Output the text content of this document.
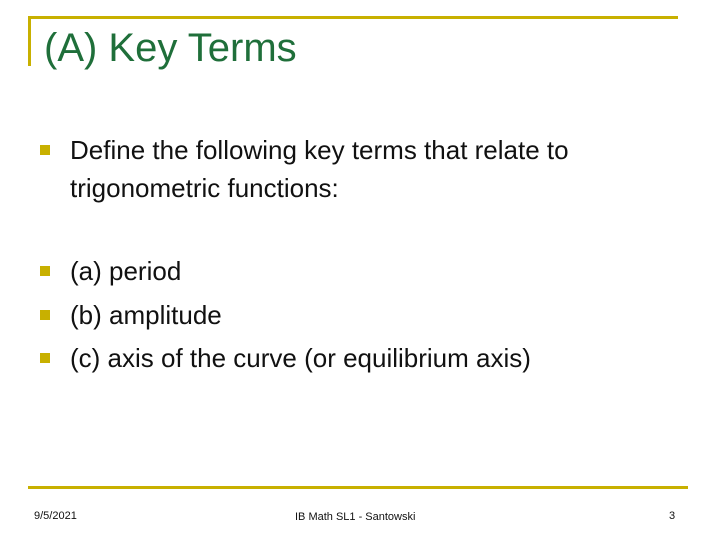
(A) Key Terms
Define the following key terms that relate to
trigonometric functions:
(a) period
(b) amplitude
(c) axis of the curve (or equilibrium axis)
9/5/2021	IB Math SL1 - Santowski	3
